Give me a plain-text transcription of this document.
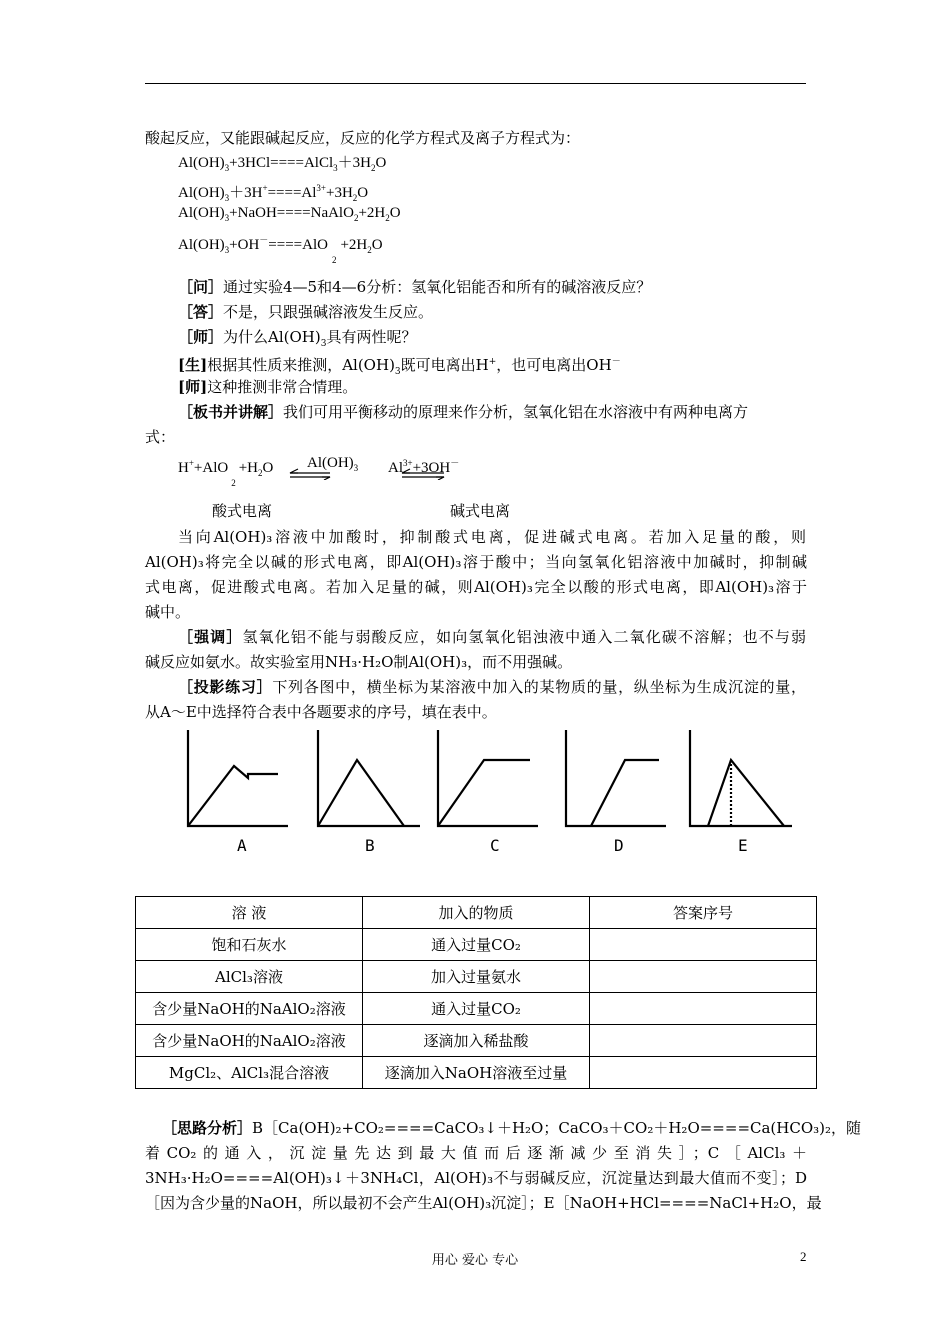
酸起反应，又能跟碱起反应，反应的化学方程式及离子方程式为：
$Al(OH)_3+3HCl====AlCl_3+3H_2O$
$Al(OH)_3+3H^+====Al^{3+}+3H_2O$
$Al(OH)_3+NaOH====NaAlO_2+2H_2O$
$Al(OH)_3+OH^-====AlO_2+2H_2O$
［问］通过实验4—5和4—6分析：氢氧化铝能否和所有的碱溶液反应？
［答］不是，只跟强碱溶液发生反应。
［师］为什么$Al(OH)_3$具有两性呢？
[生]根据其性质来推测，$Al(OH)_3$既可电离出H+，也可电离出OH－
[师]这种推测非常合情理。
［板书并讲解］我们可用平衡移动的原理来作分析，氢氧化铝在水溶液中有两种电离方
式：
$H^++AlO_2+H_2O$	$Al(OH)_3$	$Al^{3+}+3OH^-$
酸式电离	碱式电离
当向Al(OH)₃溶液中加酸时，抑制酸式电离，促进碱式电离。若加入足量的酸，则
Al(OH)₃将完全以碱的形式电离，即Al(OH)₃溶于酸中；当向氢氧化铝溶液中加碱时，抑制碱
式电离，促进酸式电离。若加入足量的碱，则Al(OH)₃完全以酸的形式电离，即Al(OH)₃溶于
碱中。
［强调］氢氧化铝不能与弱酸反应，如向氢氧化铝浊液中通入二氧化碳不溶解；也不与弱
碱反应如氨水。故实验室用NH₃·H₂O制Al(OH)₃，而不用强碱。
［投影练习］下列各图中，横坐标为某溶液中加入的某物质的量，纵坐标为生成沉淀的量，
从A～E中选择符合表中各题要求的序号，填在表中。
A	B	C	D	E
溶 液	加入的物质	答案序号
饱和石灰水	通入过量CO₂	
AlCl₃溶液	加入过量氨水	
含少量NaOH的NaAlO₂溶液	通入过量CO₂	
含少量NaOH的NaAlO₂溶液	逐滴加入稀盐酸	
MgCl₂、AlCl₃混合溶液	逐滴加入NaOH溶液至过量	
［思路分析］B［Ca(OH)₂+CO₂====CaCO₃↓＋H₂O；CaCO₃＋CO₂＋H₂O====Ca(HCO₃)₂，随
着CO₂的通入，沉淀量先达到最大值而后逐渐减少至消失］；C［AlCl₃＋
3NH₃·H₂O====Al(OH)₃↓＋3NH₄Cl，Al(OH)₃不与弱碱反应，沉淀量达到最大值而不变］；D
［因为含少量的NaOH，所以最初不会产生Al(OH)₃沉淀］；E［NaOH+HCl====NaCl+H₂O，最
用心 爱心 专心	2
